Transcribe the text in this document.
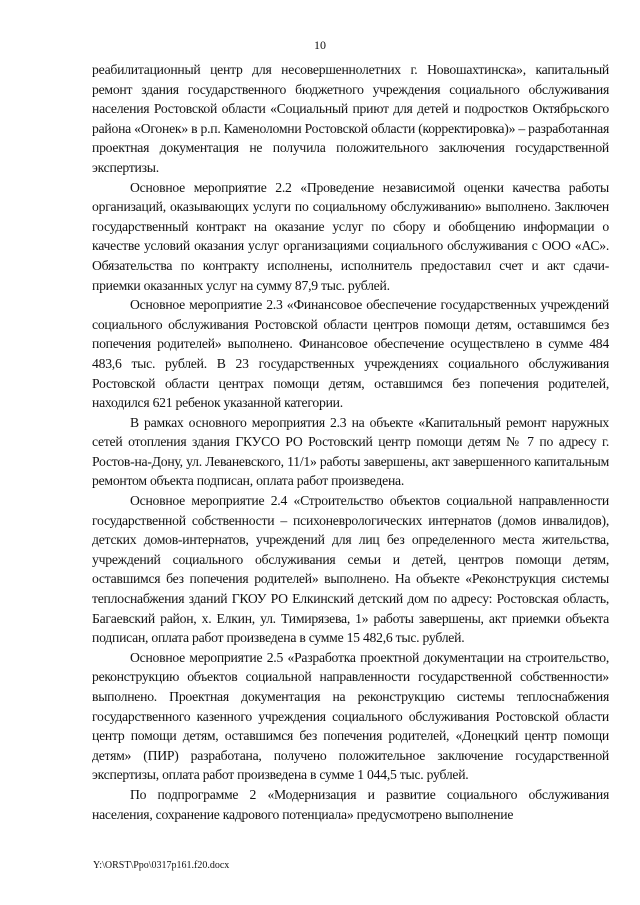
10

реабилитационный центр для несовершеннолетних г. Новошахтинска», капитальный ремонт здания государственного бюджетного учреждения социального обслуживания населения Ростовской области «Социальный приют для детей и подростков Октябрьского района «Огонек» в р.п. Каменоломни Ростовской области (корректировка)» – разработанная проектная документация не получила положительного заключения государственной экспертизы.

Основное мероприятие 2.2 «Проведение независимой оценки качества работы организаций, оказывающих услуги по социальному обслуживанию» выполнено. Заключен государственный контракт на оказание услуг по сбору и обобщению информации о качестве условий оказания услуг организациями социального обслуживания с ООО «АС». Обязательства по контракту исполнены, исполнитель предоставил счет и акт сдачи-приемки оказанных услуг на сумму 87,9 тыс. рублей.

Основное мероприятие 2.3 «Финансовое обеспечение государственных учреждений социального обслуживания Ростовской области центров помощи детям, оставшимся без попечения родителей» выполнено. Финансовое обеспечение осуществлено в сумме 484 483,6 тыс. рублей. В 23 государственных учреждениях социального обслуживания Ростовской области центрах помощи детям, оставшимся без попечения родителей, находился 621 ребенок указанной категории.

В рамках основного мероприятия 2.3 на объекте «Капитальный ремонт наружных сетей отопления здания ГКУСО РО Ростовский центр помощи детям № 7 по адресу г. Ростов-на-Дону, ул. Леваневского, 11/1» работы завершены, акт завершенного капитальным ремонтом объекта подписан, оплата работ произведена.

Основное мероприятие 2.4 «Строительство объектов социальной направленности государственной собственности – психоневрологических интернатов (домов инвалидов), детских домов-интернатов, учреждений для лиц без определенного места жительства, учреждений социального обслуживания семьи и детей, центров помощи детям, оставшимся без попечения родителей» выполнено. На объекте «Реконструкция системы теплоснабжения зданий ГКОУ РО Елкинский детский дом по адресу: Ростовская область, Багаевский район, х. Елкин, ул. Тимирязева, 1» работы завершены, акт приемки объекта подписан, оплата работ произведена в сумме 15 482,6 тыс. рублей.

Основное мероприятие 2.5 «Разработка проектной документации на строительство, реконструкцию объектов социальной направленности государственной собственности» выполнено. Проектная документация на реконструкцию системы теплоснабжения государственного казенного учреждения социального обслуживания Ростовской области центр помощи детям, оставшимся без попечения родителей, «Донецкий центр помощи детям» (ПИР) разработана, получено положительное заключение государственной экспертизы, оплата работ произведена в сумме 1 044,5 тыс. рублей.

По подпрограмме 2 «Модернизация и развитие социального обслуживания населения, сохранение кадрового потенциала» предусмотрено выполнение

Y:\ORST\Ppo\0317p161.f20.docx
